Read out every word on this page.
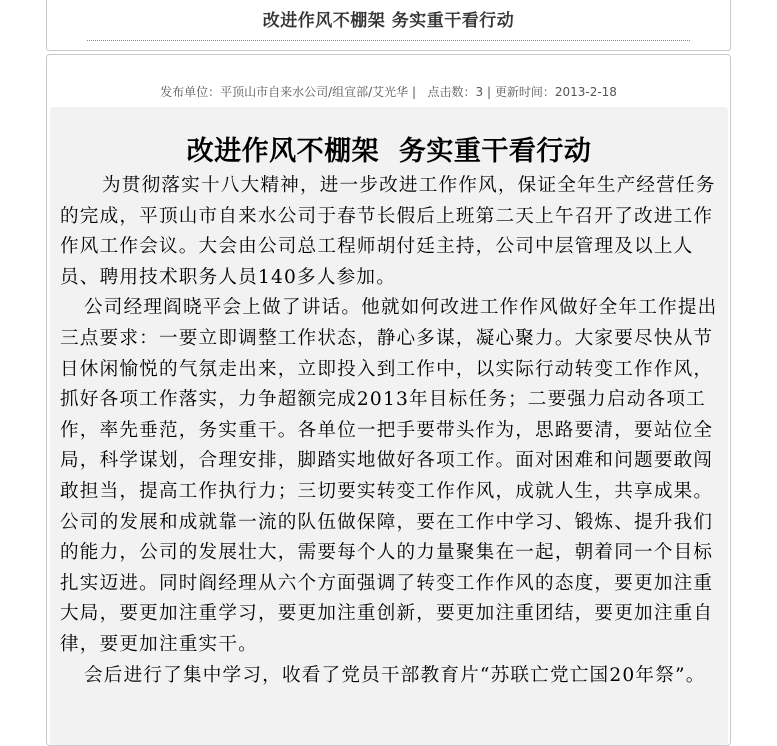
改进作风不棚架 务实重干看行动
发布单位：平顶山市自来水公司/组宣部/艾光华 |   点击数：3 | 更新时间：2013-2-18
改进作风不棚架  务实重干看行动

为贯彻落实十八大精神，进一步改进工作作风，保证全年生产经营任务的完成，平顶山市自来水公司于春节长假后上班第二天上午召开了改进工作作风工作会议。大会由公司总工程师胡付廷主持，公司中层管理及以上人员、聘用技术职务人员140多人参加。

公司经理阎晓平会上做了讲话。他就如何改进工作作风做好全年工作提出三点要求：一要立即调整工作状态，静心多谋，凝心聚力。大家要尽快从节日休闲愉悦的气氛走出来，立即投入到工作中，以实际行动转变工作作风，抓好各项工作落实，力争超额完成2013年目标任务；二要强力启动各项工作，率先垂范，务实重干。各单位一把手要带头作为，思路要清，要站位全局，科学谋划，合理安排，脚踏实地做好各项工作。面对困难和问题要敢闯敢担当，提高工作执行力；三切要实转变工作作风，成就人生，共享成果。公司的发展和成就靠一流的队伍做保障，要在工作中学习、锻炼、提升我们的能力，公司的发展壮大，需要每个人的力量聚集在一起，朝着同一个目标扎实迈进。同时阎经理从六个方面强调了转变工作作风的态度，要更加注重大局，要更加注重学习，要更加注重创新，要更加注重团结，要更加注重自律，要更加注重实干。

会后进行了集中学习，收看了党员干部教育片“苏联亡党亡国20年祭”。
